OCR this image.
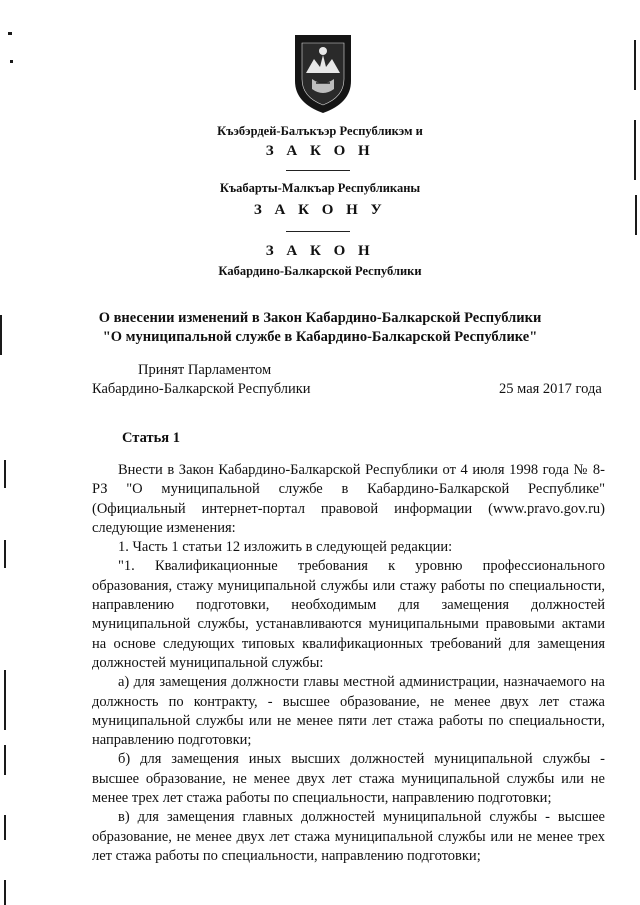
Къэбэрдей-Балъкъэр Республикэм и
З А К О Н
Къабарты-Малкъар Республиканы
З А К О Н У
З А К О Н
Кабардино-Балкарской Республики
О внесении изменений в Закон Кабардино-Балкарской Республики
"О муниципальной службе в Кабардино-Балкарской Республике"
Принят Парламентом
Кабардино-Балкарской Республики	25 мая 2017 года
Статья 1

Внести в Закон Кабардино-Балкарской Республики от 4 июля 1998 года № 8-РЗ "О муниципальной службе в Кабардино-Балкарской Республике" (Официальный интернет-портал правовой информации (www.pravo.gov.ru) следующие изменения:

1. Часть 1 статьи 12 изложить в следующей редакции:

"1. Квалификационные требования к уровню профессионального образования, стажу муниципальной службы или стажу работы по специальности, направлению подготовки, необходимым для замещения должностей муниципальной службы, устанавливаются муниципальными правовыми актами на основе следующих типовых квалификационных требований для замещения должностей муниципальной службы:

а) для замещения должности главы местной администрации, назначаемого на должность по контракту, - высшее образование, не менее двух лет стажа муниципальной службы или не менее пяти лет стажа работы по специальности, направлению подготовки;

б) для замещения иных высших должностей муниципальной службы - высшее образование, не менее двух лет стажа муниципальной службы или не менее трех лет стажа работы по специальности, направлению подготовки;

в) для замещения главных должностей муниципальной службы - высшее образование, не менее двух лет стажа муниципальной службы или не менее трех лет стажа работы по специальности, направлению подготовки;
